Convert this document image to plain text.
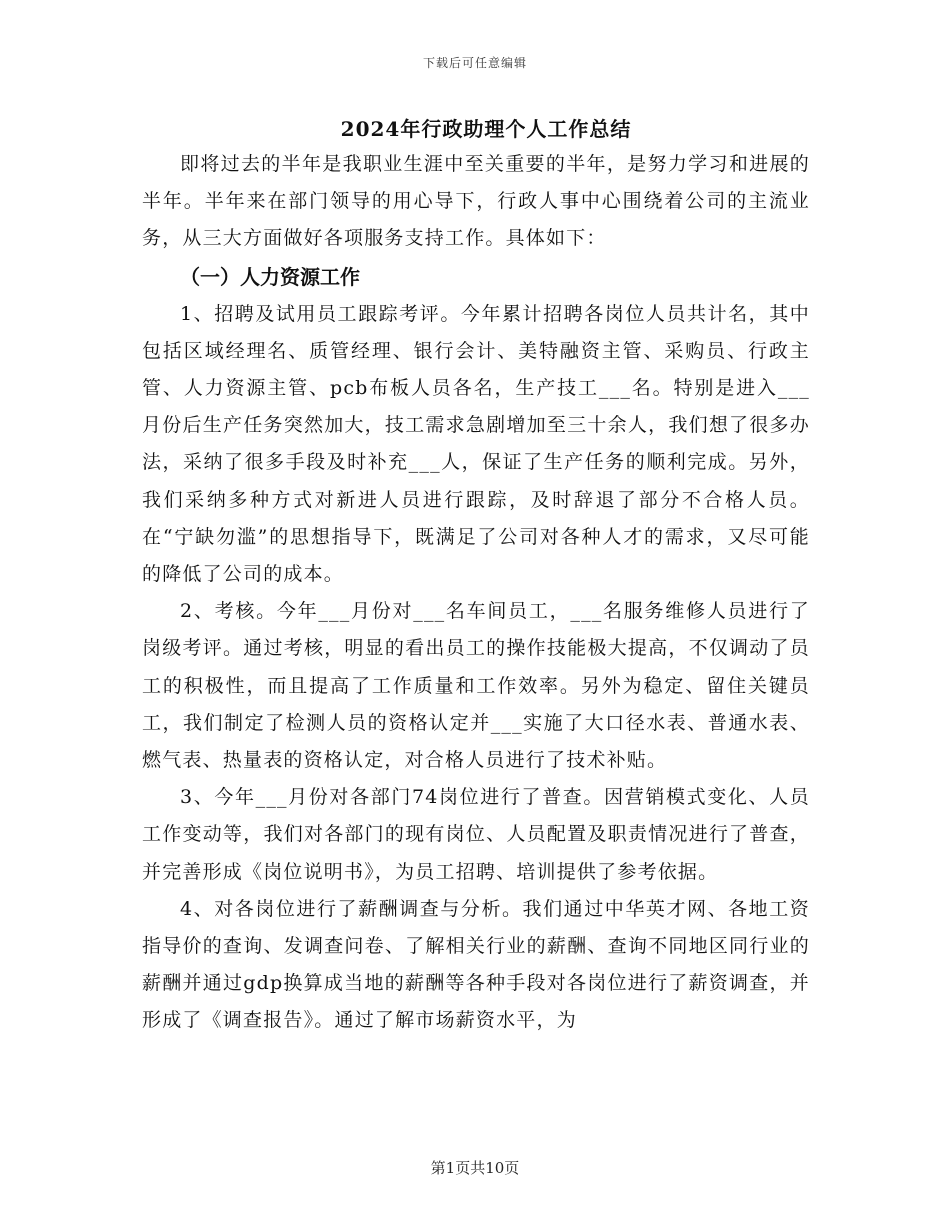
下载后可任意编辑

2024年行政助理个人工作总结

即将过去的半年是我职业生涯中至关重要的半年，是努力学习和进展的半年。半年来在部门领导的用心导下，行政人事中心围绕着公司的主流业务，从三大方面做好各项服务支持工作。具体如下：

（一）人力资源工作

1、招聘及试用员工跟踪考评。今年累计招聘各岗位人员共计名，其中包括区域经理名、质管经理、银行会计、美特融资主管、采购员、行政主管、人力资源主管、pcb布板人员各名，生产技工___名。特别是进入___月份后生产任务突然加大，技工需求急剧增加至三十余人，我们想了很多办法，采纳了很多手段及时补充___人，保证了生产任务的顺利完成。另外，我们采纳多种方式对新进人员进行跟踪，及时辞退了部分不合格人员。在“宁缺勿滥”的思想指导下，既满足了公司对各种人才的需求，又尽可能的降低了公司的成本。

2、考核。今年___月份对___名车间员工，___名服务维修人员进行了岗级考评。通过考核，明显的看出员工的操作技能极大提高，不仅调动了员工的积极性，而且提高了工作质量和工作效率。另外为稳定、留住关键员工，我们制定了检测人员的资格认定并___实施了大口径水表、普通水表、燃气表、热量表的资格认定，对合格人员进行了技术补贴。

3、今年___月份对各部门74岗位进行了普查。因营销模式变化、人员工作变动等，我们对各部门的现有岗位、人员配置及职责情况进行了普查，并完善形成《岗位说明书》，为员工招聘、培训提供了参考依据。

4、对各岗位进行了薪酬调查与分析。我们通过中华英才网、各地工资指导价的查询、发调查问卷、了解相关行业的薪酬、查询不同地区同行业的薪酬并通过gdp换算成当地的薪酬等各种手段对各岗位进行了薪资调查，并形成了《调查报告》。通过了解市场薪资水平，为

第1页共10页
